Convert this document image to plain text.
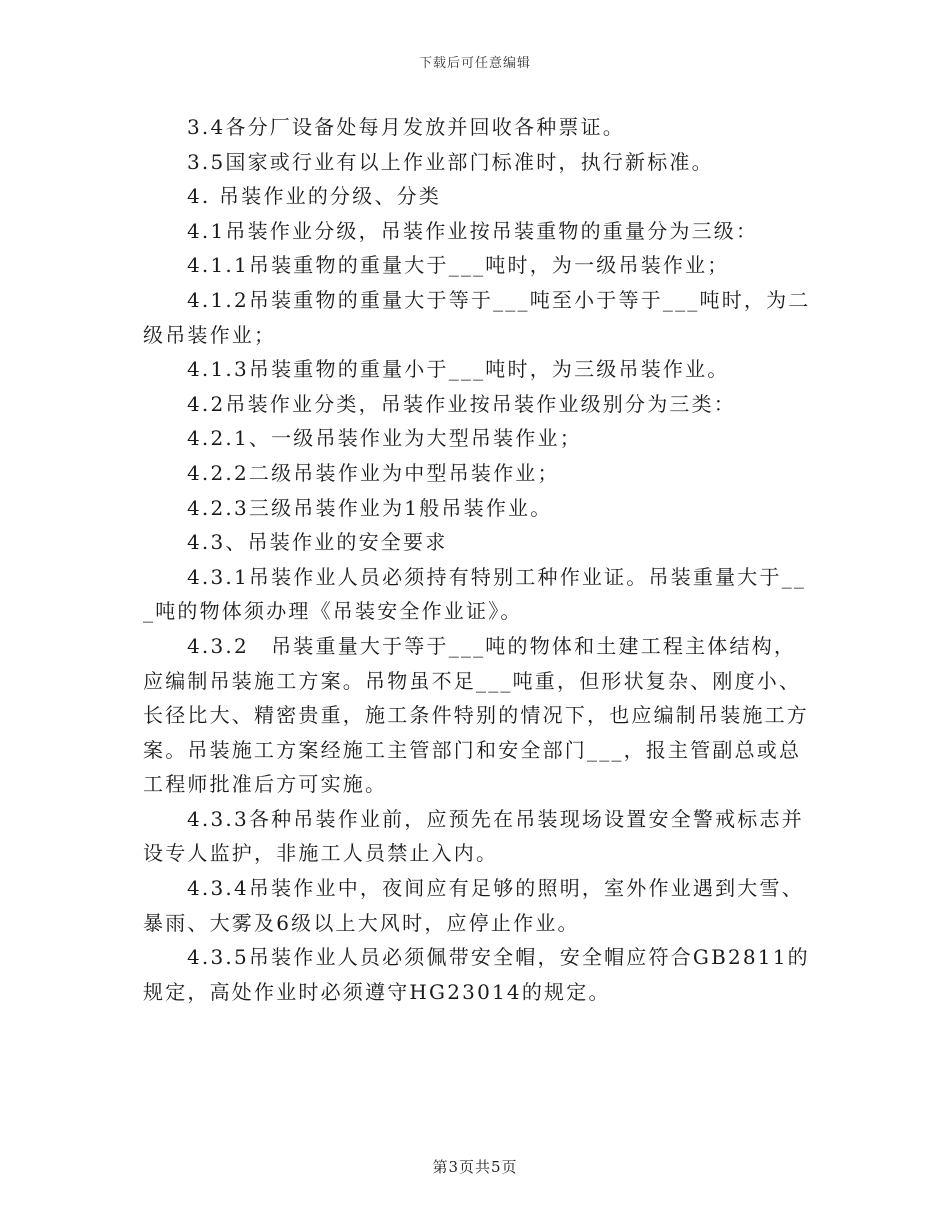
下载后可任意编辑

3.4各分厂设备处每月发放并回收各种票证。

3.5国家或行业有以上作业部门标准时，执行新标准。

4. 吊装作业的分级、分类

4.1吊装作业分级，吊装作业按吊装重物的重量分为三级：

4.1.1吊装重物的重量大于___吨时，为一级吊装作业；

4.1.2吊装重物的重量大于等于___吨至小于等于___吨时，为二级吊装作业；

4.1.3吊装重物的重量小于___吨时，为三级吊装作业。

4.2吊装作业分类，吊装作业按吊装作业级别分为三类：

4.2.1、一级吊装作业为大型吊装作业；

4.2.2二级吊装作业为中型吊装作业；

4.2.3三级吊装作业为1般吊装作业。

4.3、吊装作业的安全要求

4.3.1吊装作业人员必须持有特别工种作业证。吊装重量大于___吨的物体须办理《吊装安全作业证》。

4.3.2　吊装重量大于等于___吨的物体和土建工程主体结构，应编制吊装施工方案。吊物虽不足___吨重，但形状复杂、刚度小、长径比大、精密贵重，施工条件特别的情况下，也应编制吊装施工方案。吊装施工方案经施工主管部门和安全部门___，报主管副总或总工程师批准后方可实施。

4.3.3各种吊装作业前，应预先在吊装现场设置安全警戒标志并设专人监护，非施工人员禁止入内。

4.3.4吊装作业中，夜间应有足够的照明，室外作业遇到大雪、暴雨、大雾及6级以上大风时，应停止作业。

4.3.5吊装作业人员必须佩带安全帽，安全帽应符合GB2811的规定，高处作业时必须遵守HG23014的规定。

第3页共5页
